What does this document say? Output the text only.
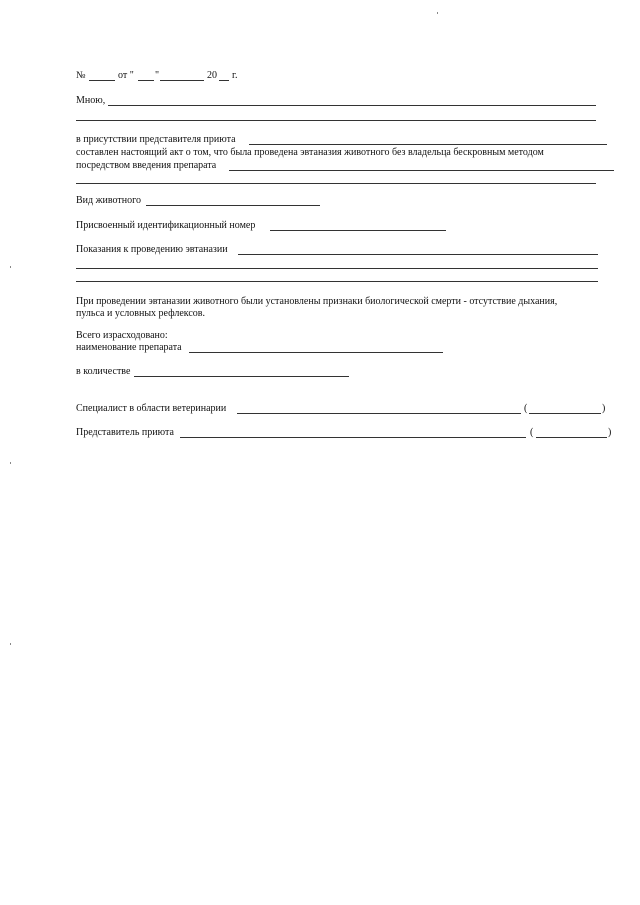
№	от " "	20 г.
Мною,
в присутствии представителя приюта
составлен настоящий акт о том, что была проведена эвтаназия животного без владельца бескровным методом
посредством введения препарата
Вид животного
Присвоенный идентификационный номер
Показания к проведению эвтаназии
При проведении эвтаназии животного были установлены признаки биологической смерти - отсутствие дыхания,
пульса и условных рефлексов.
Всего израсходовано:
наименование препарата
в количестве
Специалист в области ветеринарии	(	)
Представитель приюта	(	)
